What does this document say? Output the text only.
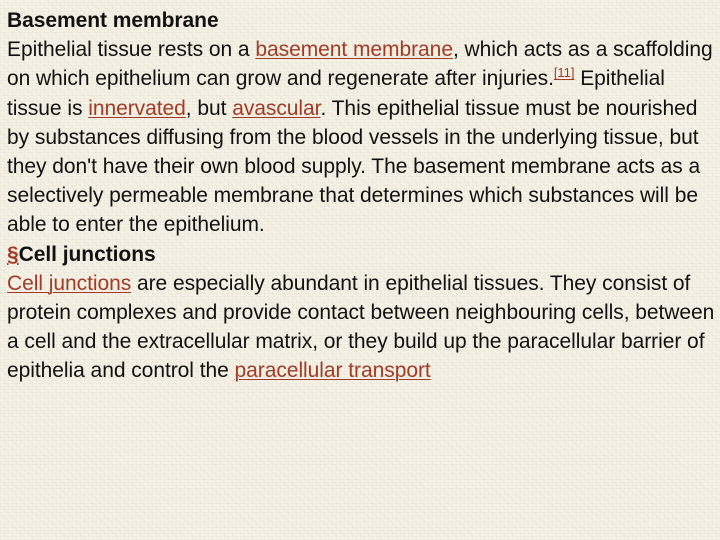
Basement membrane

Epithelial tissue rests on a basement membrane, which acts as a scaffolding on which epithelium can grow and regenerate after injuries.[11] Epithelial tissue is innervated, but avascular. This epithelial tissue must be nourished by substances diffusing from the blood vessels in the underlying tissue, but they don't have their own blood supply. The basement membrane acts as a selectively permeable membrane that determines which substances will be able to enter the epithelium.

§Cell junctions

Cell junctions are especially abundant in epithelial tissues. They consist of protein complexes and provide contact between neighbouring cells, between a cell and the extracellular matrix, or they build up the paracellular barrier of epithelia and control the paracellular transport
